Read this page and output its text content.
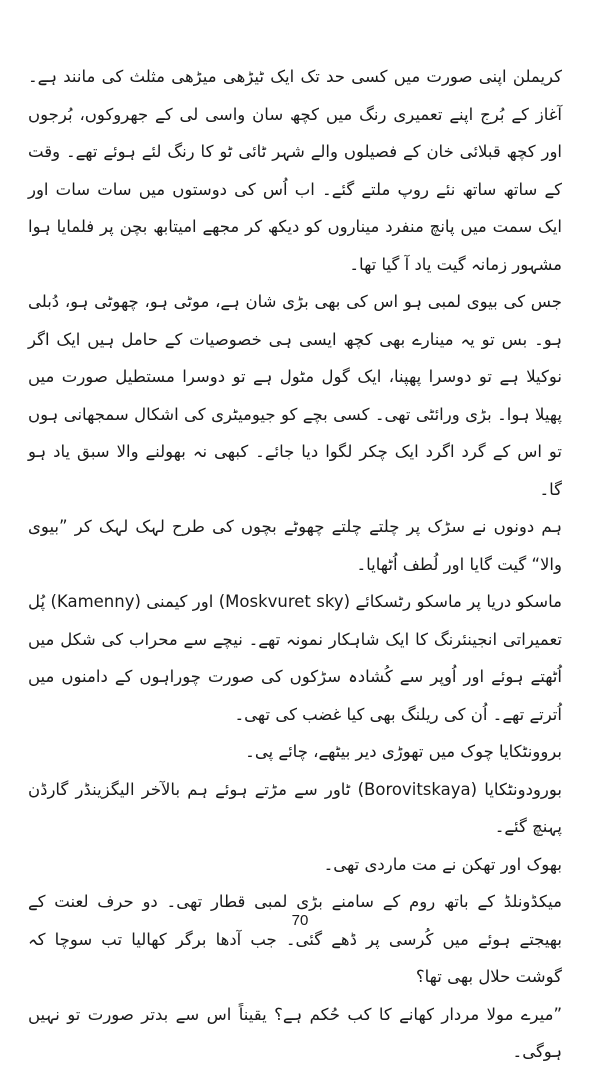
کریملن اپنی صورت میں کسی حد تک ایک ٹیڑھی میڑھی مثلث کی مانند ہے۔ آغاز کے بُرج اپنے تعمیری رنگ میں کچھ سان واسی لی کے جھروکوں، بُرجوں اور کچھ قبلائی خان کے فصیلوں والے شہر ٹائی ٹو کا رنگ لئے ہوئے تھے۔ وقت کے ساتھ ساتھ نئے روپ ملتے گئے۔ اب اُس کی دوستوں میں سات سات اور ایک سمت میں پانچ منفرد میناروں کو دیکھ کر مجھے امیتابھ بچن پر فلمایا ہوا مشہور زمانہ گیت یاد آ گیا تھا۔

جس کی بیوی لمبی ہو اس کی بھی بڑی شان ہے، موٹی ہو، چھوٹی ہو، دُبلی ہو۔ بس تو یہ مینارے بھی کچھ ایسی ہی خصوصیات کے حامل ہیں ایک اگر نوکیلا ہے تو دوسرا پھپنا، ایک گول مٹول ہے تو دوسرا مستطیل صورت میں پھیلا ہوا۔ بڑی ورائٹی تھی۔ کسی بچے کو جیومیٹری کی اشکال سمجھانی ہوں تو اس کے گرد اگرد ایک چکر لگوا دیا جائے۔ کبھی نہ بھولنے والا سبق یاد ہو گا۔

ہم دونوں نے سڑک پر چلتے چلتے چھوٹے بچوں کی طرح لہک لہک کر ”بیوی والا“ گیت گایا اور لُطف اُٹھایا۔

ماسکو دریا پر ماسکو رٹسکائے (Moskvuret sky) اور کیمنی (Kamenny) پُل تعمیراتی انجینئرنگ کا ایک شاہکار نمونہ تھے۔ نیچے سے محراب کی شکل میں اُٹھتے ہوئے اور اُوپر سے کُشادہ سڑکوں کی صورت چوراہوں کے دامنوں میں اُترتے تھے۔ اُن کی ریلنگ بھی کیا غضب کی تھی۔

بروونٹکایا چوک میں تھوڑی دیر بیٹھے، چائے پی۔

بورودونٹکایا (Borovitskaya) ٹاور سے مڑتے ہوئے ہم بالآخر الیگزینڈر گارڈن پہنچ گئے۔

بھوک اور تھکن نے مت ماردی تھی۔

میکڈونلڈ کے باتھ روم کے سامنے بڑی لمبی قطار تھی۔ دو حرف لعنت کے بھیجتے ہوئے میں کُرسی پر ڈھے گئی۔ جب آدھا برگر کھالیا تب سوچا کہ گوشت حلال بھی تھا؟

”میرے مولا مردار کھانے کا کب حُکم ہے؟ یقیناً اس سے بدتر صورت تو نہیں ہوگی۔

70
